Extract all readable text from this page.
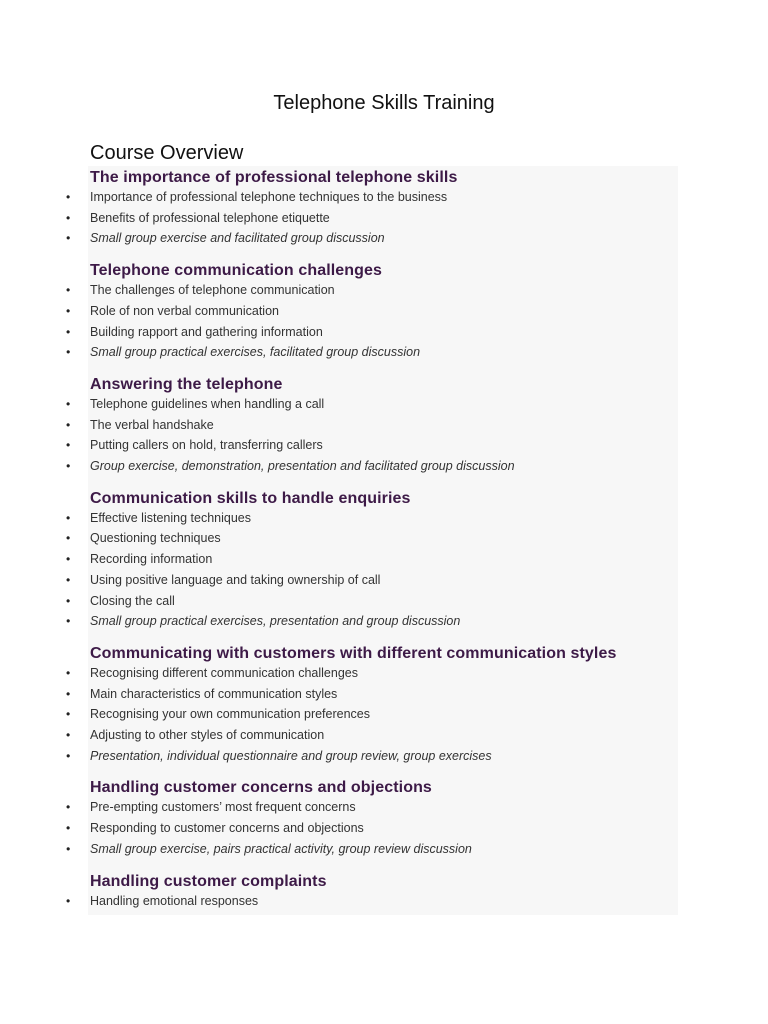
Telephone Skills Training
Course Overview
The importance of professional telephone skills
• Importance of professional telephone techniques to the business
• Benefits of professional telephone etiquette
• Small group exercise and facilitated group discussion
Telephone communication challenges
• The challenges of telephone communication
• Role of non verbal communication
• Building rapport and gathering information
• Small group practical exercises, facilitated group discussion
Answering the telephone
• Telephone guidelines when handling a call
• The verbal handshake
• Putting callers on hold, transferring callers
• Group exercise, demonstration, presentation and facilitated group discussion
Communication skills to handle enquiries
• Effective listening techniques
• Questioning techniques
• Recording information
• Using positive language and taking ownership of call
• Closing the call
• Small group practical exercises, presentation and group discussion
Communicating with customers with different communication styles
• Recognising different communication challenges
• Main characteristics of communication styles
• Recognising your own communication preferences
• Adjusting to other styles of communication
• Presentation, individual questionnaire and group review, group exercises
Handling customer concerns and objections
• Pre-empting customers’ most frequent concerns
• Responding to customer concerns and objections
• Small group exercise, pairs practical activity, group review discussion
Handling customer complaints
• Handling emotional responses
